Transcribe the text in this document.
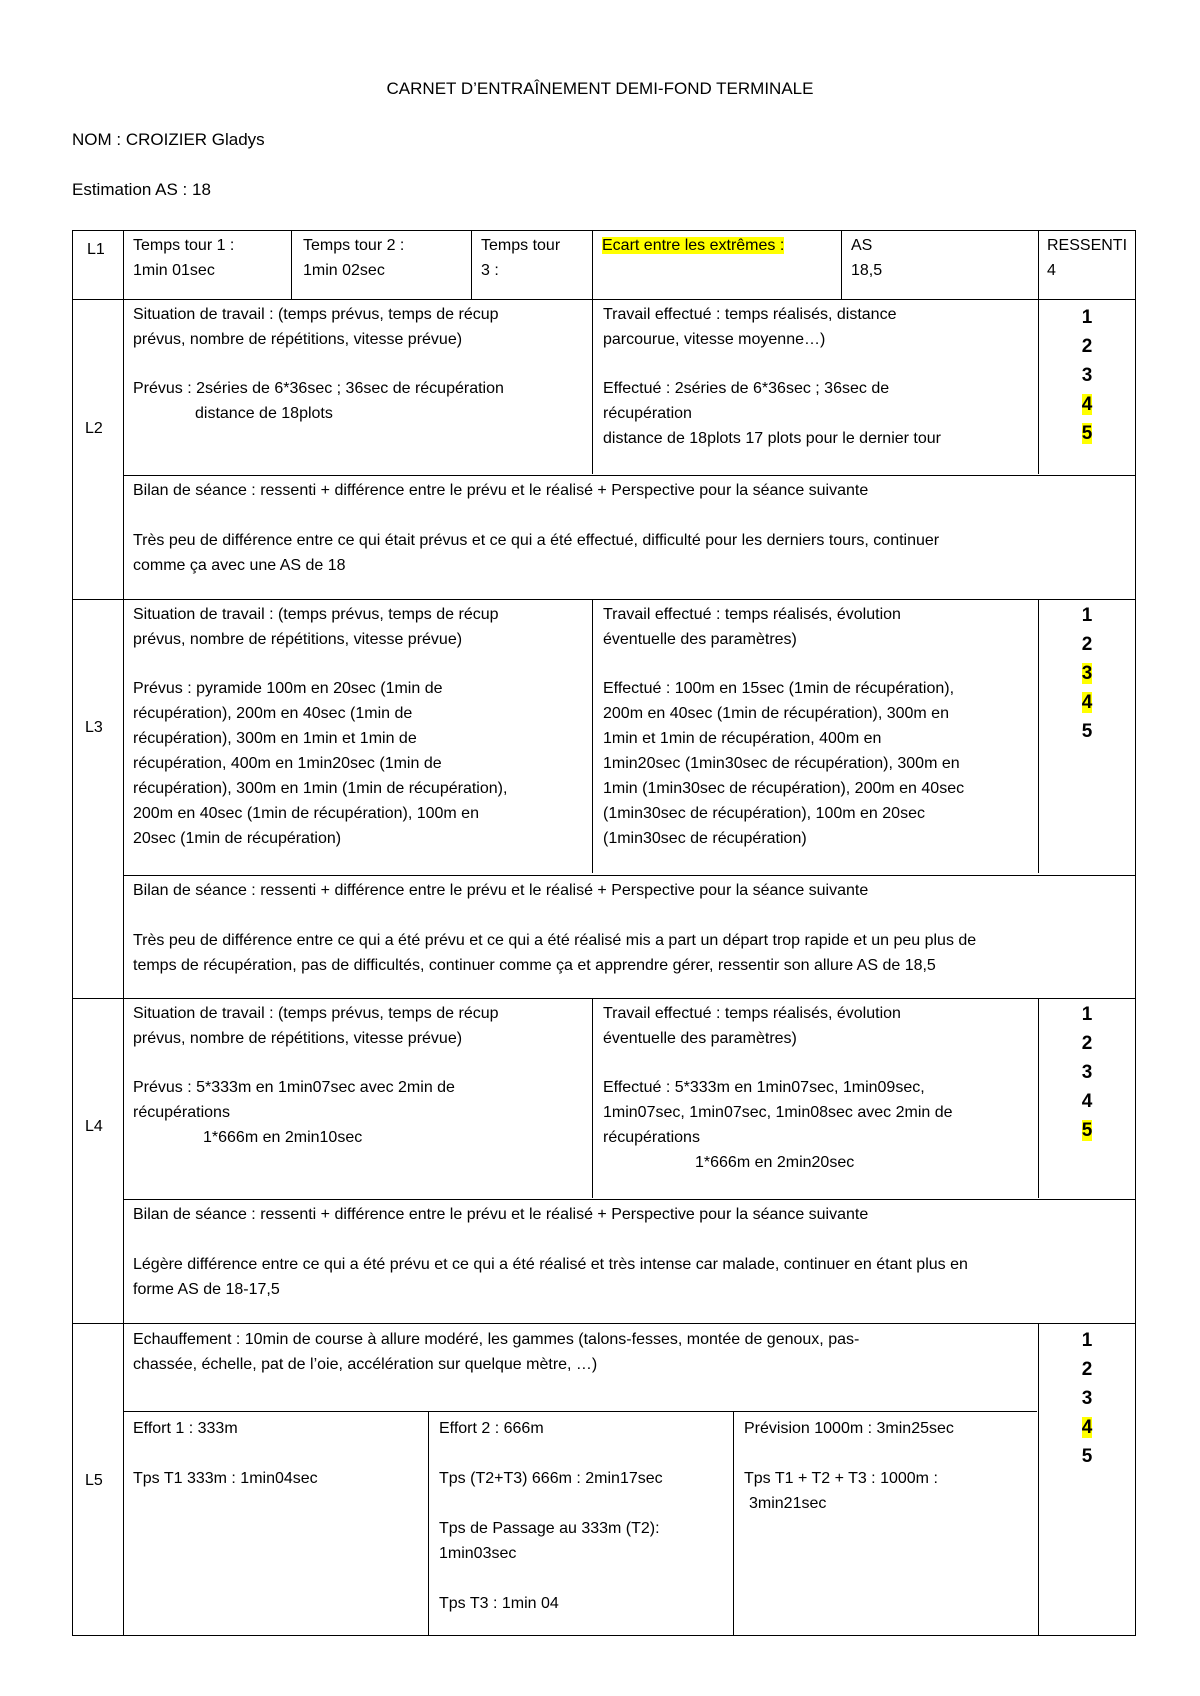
CARNET D’ENTRAÎNEMENT DEMI-FOND TERMINALE
NOM : CROIZIER Gladys
Estimation AS : 18
L1 Temps tour 1 :
1min 01sec
Temps tour 2 :
1min 02sec
Temps tour
3 :
Ecart entre les extrêmes :	AS
18,5
RESSENTI
4
L2
Situation de travail : (temps prévus, temps de récup
prévus, nombre de répétitions, vitesse prévue)
Prévus : 2séries de 6*36sec ; 36sec de récupération
distance de 18plots
Travail effectué : temps réalisés, distance
parcourue, vitesse moyenne…)
Effectué : 2séries de 6*36sec ; 36sec de
récupération
distance de 18plots 17 plots pour le dernier tour
1
2
3
4
5
Bilan de séance : ressenti + différence entre le prévu et le réalisé + Perspective pour la séance suivante
Très peu de différence entre ce qui était prévus et ce qui a été effectué, difficulté pour les derniers tours, continuer
comme ça avec une AS de 18
L3
Situation de travail : (temps prévus, temps de récup
prévus, nombre de répétitions, vitesse prévue)
Prévus : pyramide 100m en 20sec (1min de
récupération), 200m en 40sec (1min de
récupération), 300m en 1min et 1min de
récupération, 400m en 1min20sec (1min de
récupération), 300m en 1min (1min de récupération),
200m en 40sec (1min de récupération), 100m en
20sec (1min de récupération)
Travail effectué : temps réalisés, évolution
éventuelle des paramètres)
Effectué : 100m en 15sec (1min de récupération),
200m en 40sec (1min de récupération), 300m en
1min et 1min de récupération, 400m en
1min20sec (1min30sec de récupération), 300m en
1min (1min30sec de récupération), 200m en 40sec
(1min30sec de récupération), 100m en 20sec
(1min30sec de récupération)
1
2
3
4
5
Bilan de séance : ressenti + différence entre le prévu et le réalisé + Perspective pour la séance suivante
Très peu de différence entre ce qui a été prévu et ce qui a été réalisé mis a part un départ trop rapide et un peu plus de
temps de récupération, pas de difficultés, continuer comme ça et apprendre gérer, ressentir son allure AS de 18,5
L4
Situation de travail : (temps prévus, temps de récup
prévus, nombre de répétitions, vitesse prévue)
Prévus : 5*333m en 1min07sec avec 2min de
récupérations
1*666m en 2min10sec
Travail effectué : temps réalisés, évolution
éventuelle des paramètres)
Effectué : 5*333m en 1min07sec, 1min09sec,
1min07sec, 1min07sec, 1min08sec avec 2min de
récupérations
1*666m en 2min20sec
1
2
3
4
5
Bilan de séance : ressenti + différence entre le prévu et le réalisé + Perspective pour la séance suivante
Légère différence entre ce qui a été prévu et ce qui a été réalisé et très intense car malade, continuer en étant plus en
forme AS de 18-17,5
L5
Echauffement : 10min de course à allure modéré, les gammes (talons-fesses, montée de genoux, pas-
chassée, échelle, pat de l’oie, accélération sur quelque mètre, …)
Effort 1 : 333m
Tps T1 333m : 1min04sec
Effort 2 : 666m
Tps (T2+T3) 666m : 2min17sec
Tps de Passage au 333m (T2):
1min03sec
Tps T3 : 1min 04
Prévision 1000m : 3min25sec
Tps T1 + T2 + T3 : 1000m :
3min21sec
1
2
3
4
5
